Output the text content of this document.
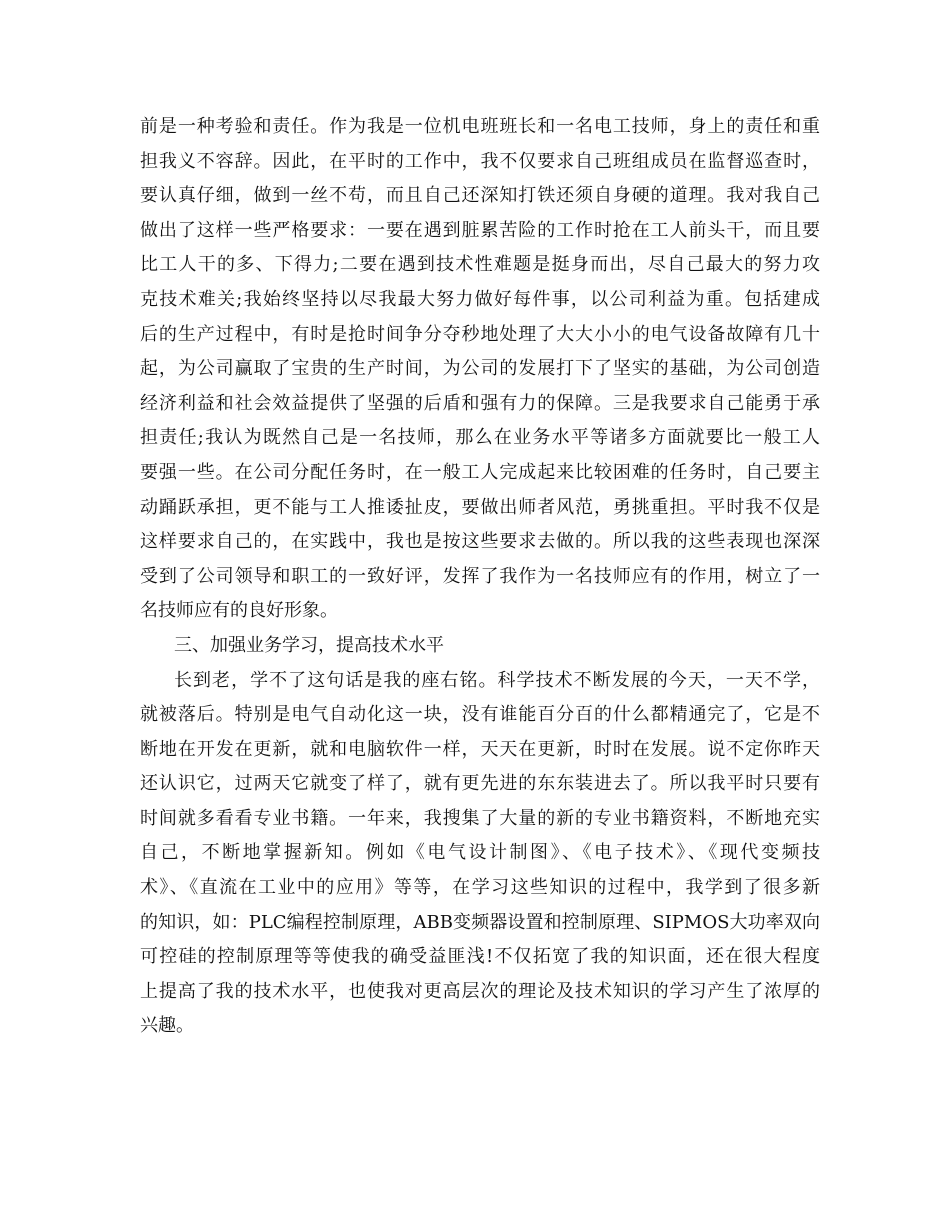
前是一种考验和责任。作为我是一位机电班班长和一名电工技师，身上的责任和重
担我义不容辞。因此，在平时的工作中，我不仅要求自己班组成员在监督巡查时，
要认真仔细，做到一丝不苟，而且自己还深知打铁还须自身硬的道理。我对我自己
做出了这样一些严格要求：一要在遇到脏累苦险的工作时抢在工人前头干，而且要
比工人干的多、下得力;二要在遇到技术性难题是挺身而出，尽自己最大的努力攻
克技术难关;我始终坚持以尽我最大努力做好每件事，以公司利益为重。包括建成
后的生产过程中，有时是抢时间争分夺秒地处理了大大小小的电气设备故障有几十
起，为公司赢取了宝贵的生产时间，为公司的发展打下了坚实的基础，为公司创造
经济利益和社会效益提供了坚强的后盾和强有力的保障。三是我要求自己能勇于承
担责任;我认为既然自己是一名技师，那么在业务水平等诸多方面就要比一般工人
要强一些。在公司分配任务时，在一般工人完成起来比较困难的任务时，自己要主
动踊跃承担，更不能与工人推诿扯皮，要做出师者风范，勇挑重担。平时我不仅是
这样要求自己的，在实践中，我也是按这些要求去做的。所以我的这些表现也深深
受到了公司领导和职工的一致好评，发挥了我作为一名技师应有的作用，树立了一
名技师应有的良好形象。
三、加强业务学习，提高技术水平
长到老，学不了这句话是我的座右铭。科学技术不断发展的今天，一天不学，
就被落后。特别是电气自动化这一块，没有谁能百分百的什么都精通完了，它是不
断地在开发在更新，就和电脑软件一样，天天在更新，时时在发展。说不定你昨天
还认识它，过两天它就变了样了，就有更先进的东东装进去了。所以我平时只要有
时间就多看看专业书籍。一年来，我搜集了大量的新的专业书籍资料，不断地充实
自己，不断地掌握新知。例如《电气设计制图》、《电子技术》、《现代变频技
术》、《直流在工业中的应用》等等，在学习这些知识的过程中，我学到了很多新
的知识，如：PLC编程控制原理，ABB变频器设置和控制原理、SIPMOS大功率双向
可控硅的控制原理等等使我的确受益匪浅!不仅拓宽了我的知识面，还在很大程度
上提高了我的技术水平，也使我对更高层次的理论及技术知识的学习产生了浓厚的
兴趣。
